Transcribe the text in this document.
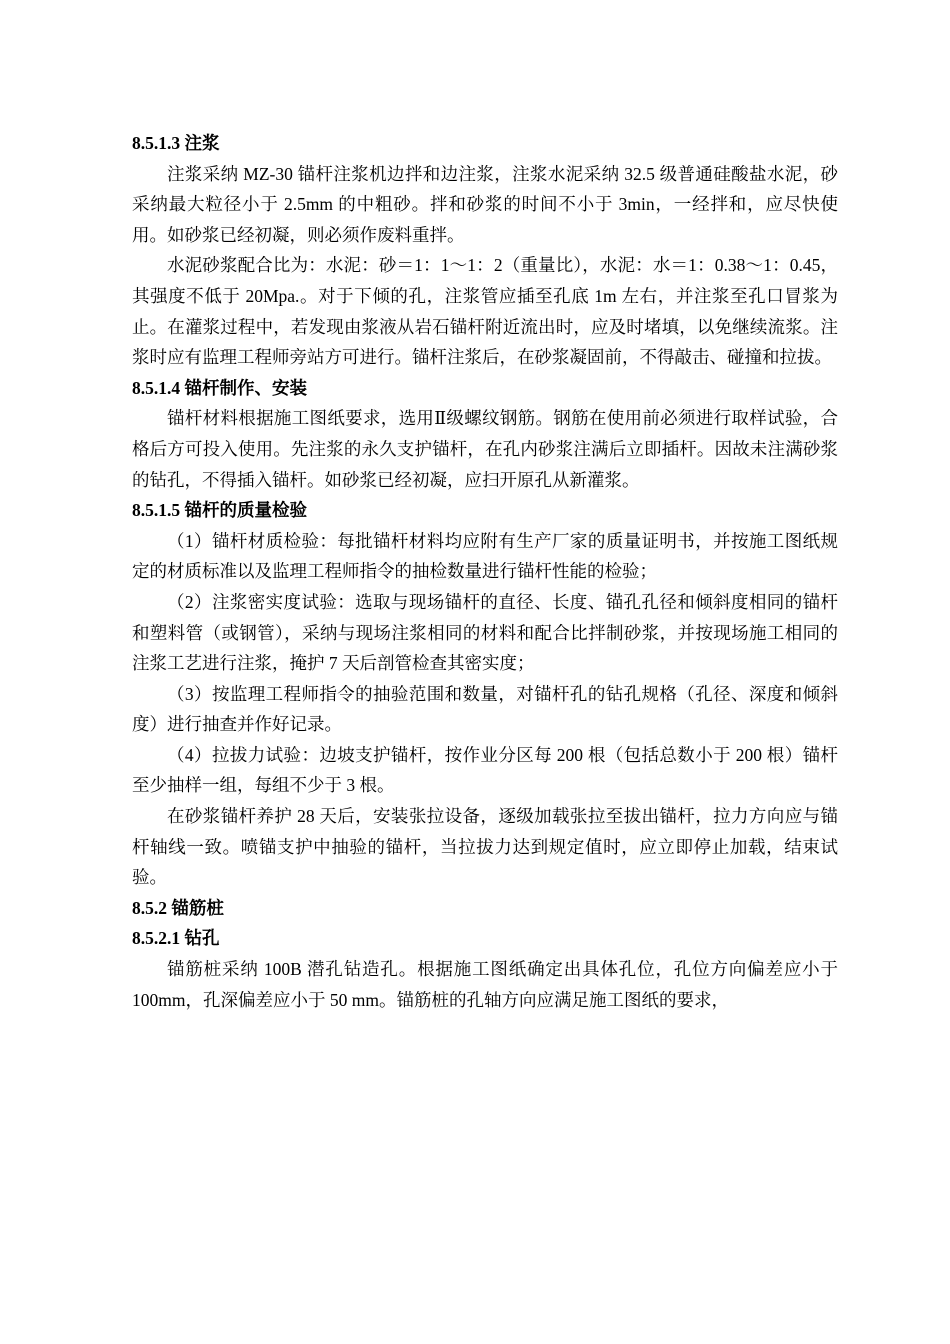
8.5.1.3 注浆

注浆采纳 MZ-30 锚杆注浆机边拌和边注浆，注浆水泥采纳 32.5 级普通硅酸盐水泥，砂采纳最大粒径小于 2.5mm 的中粗砂。拌和砂浆的时间不小于 3min，一经拌和，应尽快使用。如砂浆已经初凝，则必须作废料重拌。

水泥砂浆配合比为：水泥：砂＝1：1～1：2（重量比），水泥：水＝1：0.38～1：0.45，其强度不低于 20Mpa.。对于下倾的孔，注浆管应插至孔底 1m 左右，并注浆至孔口冒浆为止。在灌浆过程中，若发现由浆液从岩石锚杆附近流出时，应及时堵填，以免继续流浆。注浆时应有监理工程师旁站方可进行。锚杆注浆后，在砂浆凝固前，不得敲击、碰撞和拉拔。

8.5.1.4 锚杆制作、安装

锚杆材料根据施工图纸要求，选用Ⅱ级螺纹钢筋。钢筋在使用前必须进行取样试验，合格后方可投入使用。先注浆的永久支护锚杆，在孔内砂浆注满后立即插杆。因故未注满砂浆的钻孔，不得插入锚杆。如砂浆已经初凝，应扫开原孔从新灌浆。

8.5.1.5 锚杆的质量检验

（1）锚杆材质检验：每批锚杆材料均应附有生产厂家的质量证明书，并按施工图纸规定的材质标准以及监理工程师指令的抽检数量进行锚杆性能的检验；

（2）注浆密实度试验：选取与现场锚杆的直径、长度、锚孔孔径和倾斜度相同的锚杆和塑料管（或钢管），采纳与现场注浆相同的材料和配合比拌制砂浆，并按现场施工相同的注浆工艺进行注浆，掩护 7 天后剖管检查其密实度；

（3）按监理工程师指令的抽验范围和数量，对锚杆孔的钻孔规格（孔径、深度和倾斜度）进行抽查并作好记录。

（4）拉拔力试验：边坡支护锚杆，按作业分区每 200 根（包括总数小于 200 根）锚杆至少抽样一组，每组不少于 3 根。

在砂浆锚杆养护 28 天后，安装张拉设备，逐级加载张拉至拔出锚杆，拉力方向应与锚杆轴线一致。喷锚支护中抽验的锚杆，当拉拔力达到规定值时，应立即停止加载，结束试验。

8.5.2 锚筋桩

8.5.2.1 钻孔

锚筋桩采纳 100B 潜孔钻造孔。根据施工图纸确定出具体孔位，孔位方向偏差应小于 100mm，孔深偏差应小于 50 mm。锚筋桩的孔轴方向应满足施工图纸的要求，
